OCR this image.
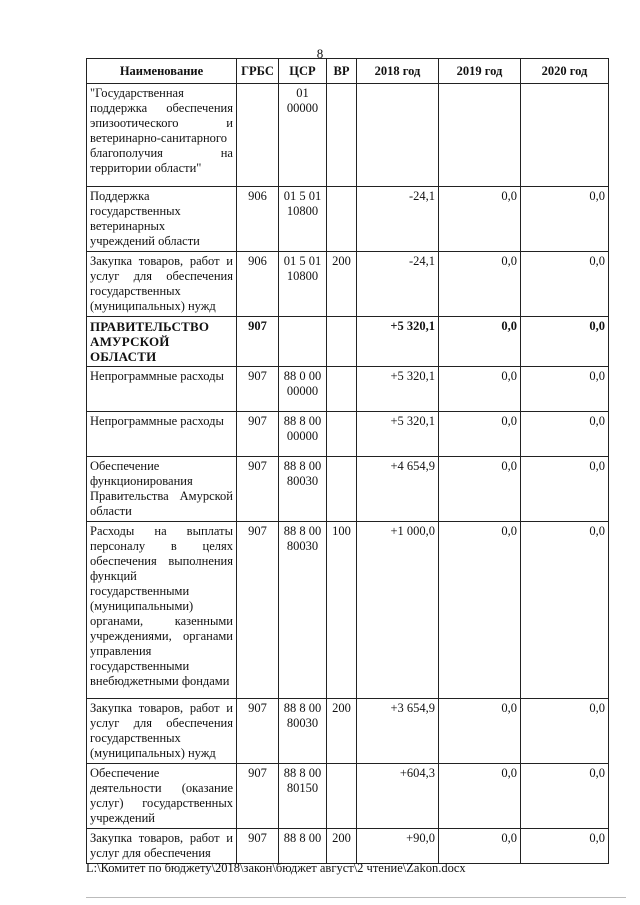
8
Наименование	ГРБС	ЦСР	ВР	2018 год	2019 год	2020 год
"Государственная поддержка обеспечения эпизоотического и ветеринарно-санитарного благополучия на территории области"		01 00000				
Поддержка государственных ветеринарных учреждений области	906	01 5 01 10800		-24,1	0,0	0,0
Закупка товаров, работ и услуг для обеспечения государственных (муниципальных) нужд	906	01 5 01 10800	200	-24,1	0,0	0,0
ПРАВИТЕЛЬСТВО АМУРСКОЙ ОБЛАСТИ	907			+5 320,1	0,0	0,0
Непрограммные расходы	907	88 0 00 00000		+5 320,1	0,0	0,0
Непрограммные расходы	907	88 8 00 00000		+5 320,1	0,0	0,0
Обеспечение функционирования Правительства Амурской области	907	88 8 00 80030		+4 654,9	0,0	0,0
Расходы на выплаты персоналу в целях обеспечения выполнения функций государственными (муниципальными) органами, казенными учреждениями, органами управления государственными внебюджетными фондами	907	88 8 00 80030	100	+1 000,0	0,0	0,0
Закупка товаров, работ и услуг для обеспечения государственных (муниципальных) нужд	907	88 8 00 80030	200	+3 654,9	0,0	0,0
Обеспечение деятельности (оказание услуг) государственных учреждений	907	88 8 00 80150		+604,3	0,0	0,0
Закупка товаров, работ и услуг для обеспечения	907	88 8 00	200	+90,0	0,0	0,0
L:\Комитет по бюджету\2018\закон\бюджет август\2 чтение\Zakon.docx
